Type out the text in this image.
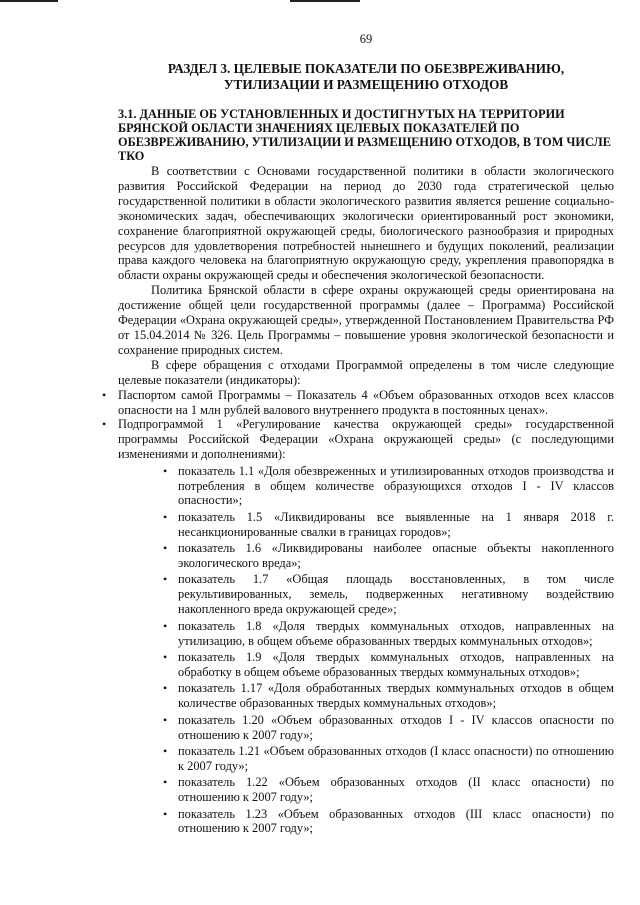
69
РАЗДЕЛ 3. ЦЕЛЕВЫЕ ПОКАЗАТЕЛИ ПО ОБЕЗВРЕЖИВАНИЮ, УТИЛИЗАЦИИ И РАЗМЕЩЕНИЮ ОТХОДОВ
3.1. ДАННЫЕ ОБ УСТАНОВЛЕННЫХ И ДОСТИГНУТЫХ НА ТЕРРИТОРИИ БРЯНСКОЙ ОБЛАСТИ ЗНАЧЕНИЯХ ЦЕЛЕВЫХ ПОКАЗАТЕЛЕЙ ПО ОБЕЗВРЕЖИВАНИЮ, УТИЛИЗАЦИИ И РАЗМЕЩЕНИЮ ОТХОДОВ, В ТОМ ЧИСЛЕ ТКО

В соответствии с Основами государственной политики в области экологического развития Российской Федерации на период до 2030 года стратегической целью государственной политики в области экологического развития является решение социально-экономических задач, обеспечивающих экологически ориентированный рост экономики, сохранение благоприятной окружающей среды, биологического разнообразия и природных ресурсов для удовлетворения потребностей нынешнего и будущих поколений, реализации права каждого человека на благоприятную окружающую среду, укрепления правопорядка в области охраны окружающей среды и обеспечения экологической безопасности.

Политика Брянской области в сфере охраны окружающей среды ориентирована на достижение общей цели государственной программы (далее – Программа) Российской Федерации «Охрана окружающей среды», утвержденной Постановлением Правительства РФ от 15.04.2014 № 326. Цель Программы – повышение уровня экологической безопасности и сохранение природных систем.

В сфере обращения с отходами Программой определены в том числе следующие целевые показатели (индикаторы):

• Паспортом самой Программы – Показатель 4 «Объем образованных отходов всех классов опасности на 1 млн рублей валового внутреннего продукта в постоянных ценах».
• Подпрограммой 1 «Регулирование качества окружающей среды» государственной программы Российской Федерации «Охрана окружающей среды» (с последующими изменениями и дополнениями):
• показатель 1.1 «Доля обезвреженных и утилизированных отходов производства и потребления в общем количестве образующихся отходов I - IV классов опасности»;
• показатель 1.5 «Ликвидированы все выявленные на 1 января 2018 г. несанкционированные свалки в границах городов»;
• показатель 1.6 «Ликвидированы наиболее опасные объекты накопленного экологического вреда»;
• показатель 1.7 «Общая площадь восстановленных, в том числе рекультивированных, земель, подверженных негативному воздействию накопленного вреда окружающей среде»;
• показатель 1.8 «Доля твердых коммунальных отходов, направленных на утилизацию, в общем объеме образованных твердых коммунальных отходов»;
• показатель 1.9 «Доля твердых коммунальных отходов, направленных на обработку в общем объеме образованных твердых коммунальных отходов»;
• показатель 1.17 «Доля обработанных твердых коммунальных отходов в общем количестве образованных твердых коммунальных отходов»;
• показатель 1.20 «Объем образованных отходов I - IV классов опасности по отношению к 2007 году»;
• показатель 1.21 «Объем образованных отходов (I класс опасности) по отношению к 2007 году»;
• показатель 1.22 «Объем образованных отходов (II класс опасности) по отношению к 2007 году»;
• показатель 1.23 «Объем образованных отходов (III класс опасности) по отношению к 2007 году»;
